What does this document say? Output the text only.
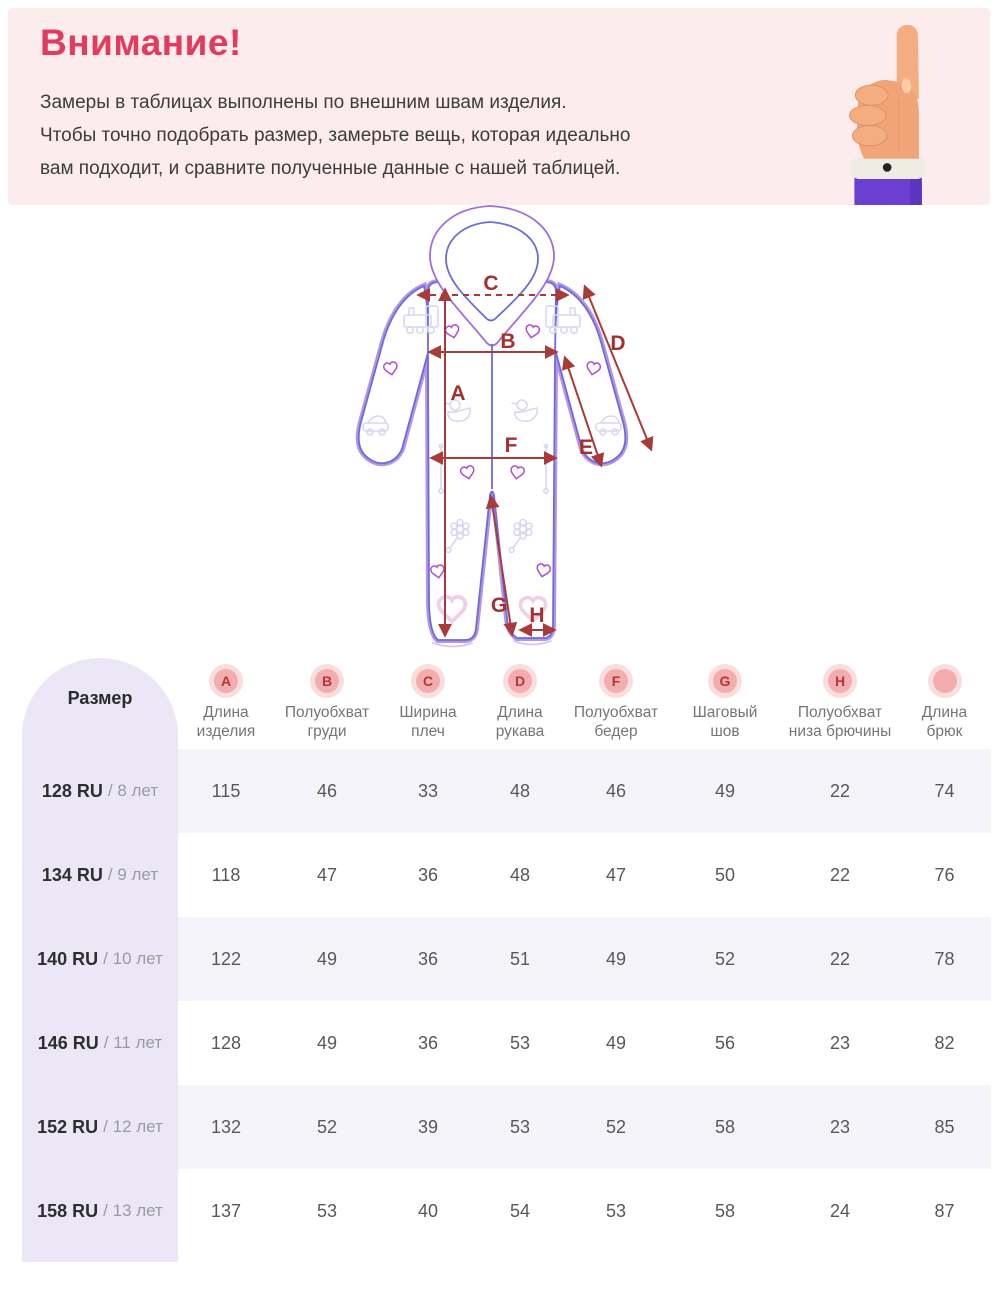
Внимание!
Замеры в таблицах выполнены по внешним швам изделия.
Чтобы точно подобрать размер, замерьте вещь, которая идеально
вам подходит, и сравните полученные данные с нашей таблицей.
C
A
B	D
E
F
G H
Размер
A
Длина
изделия
B
Полуобхват
груди
C
Ширина
плеч
D
Длина
рукава
F
Полуобхват
бедер
G
Шаговый
шов
H
Полуобхват
низа брючины
Длина
брюк
128 RU / 8 лет	115	46	33	48	46	49	22	74
134 RU / 9 лет	118	47	36	48	47	50	22	76
140 RU / 10 лет	122	49	36	51	49	52	22	78
146 RU / 11 лет	128	49	36	53	49	56	23	82
152 RU / 12 лет	132	52	39	53	52	58	23	85
158 RU / 13 лет	137	53	40	54	53	58	24	87
